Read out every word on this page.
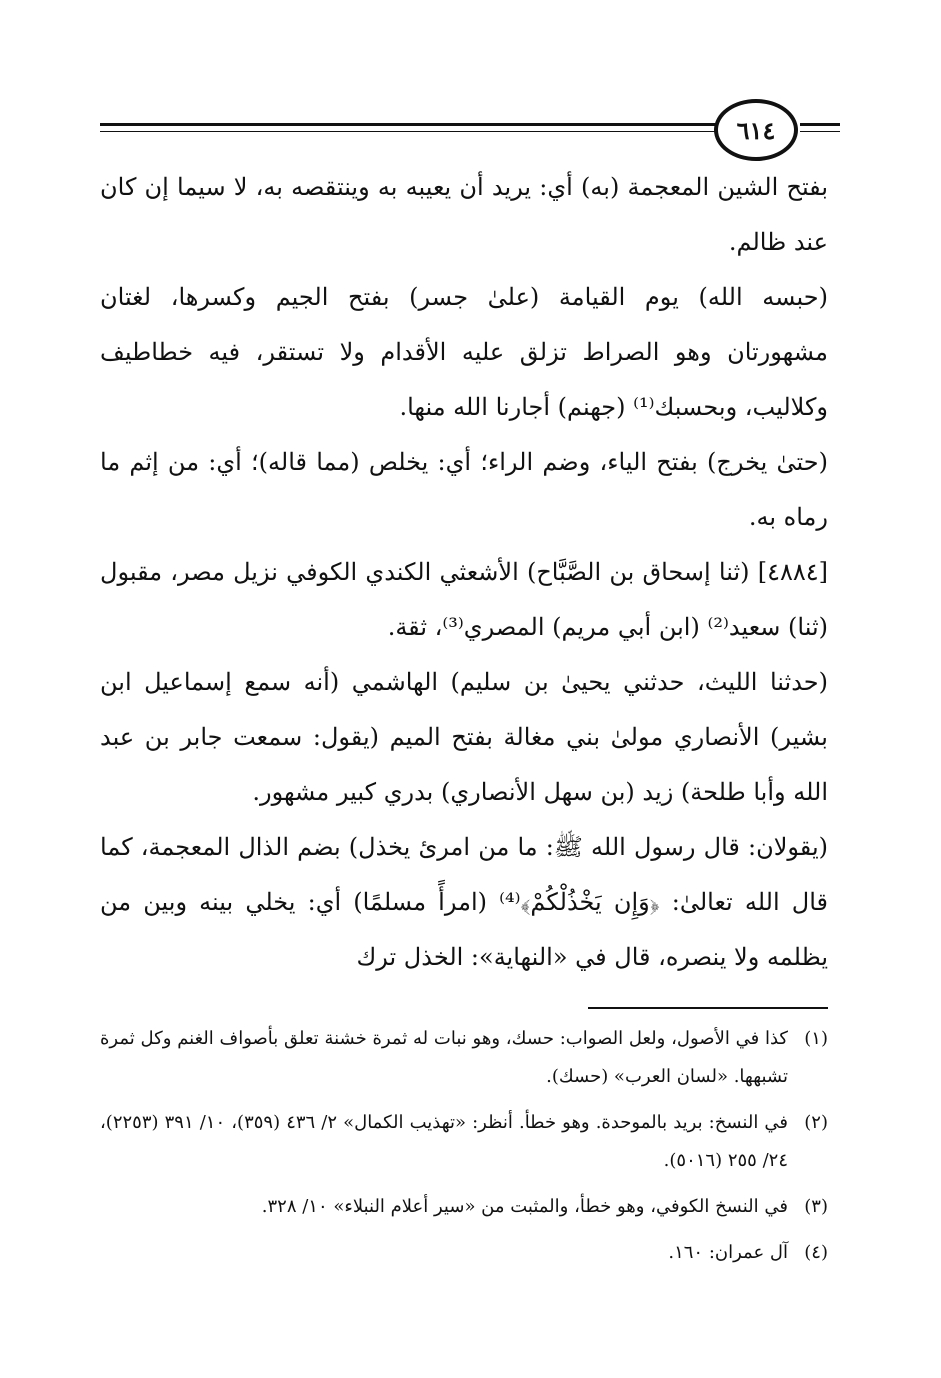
٦١٤

بفتح الشين المعجمة (به) أي: يريد أن يعيبه به وينتقصه به، لا سيما إن كان عند ظالم.

(حبسه الله) يوم القيامة (علىٰ جسر) بفتح الجيم وكسرها، لغتان مشهورتان وهو الصراط تزلق عليه الأقدام ولا تستقر، فيه خطاطيف وكلاليب، وبحسبك⁽¹⁾ (جهنم) أجارنا الله منها.

(حتىٰ يخرج) بفتح الياء، وضم الراء؛ أي: يخلص (مما قاله)؛ أي: من إثم ما رماه به.

[٤٨٨٤] (ثنا إسحاق بن الصَّبَّاح) الأشعثي الكندي الكوفي نزيل مصر، مقبول (ثنا) سعيد⁽²⁾ (ابن أبي مريم) المصري⁽³⁾، ثقة.

(حدثنا الليث، حدثني يحيىٰ بن سليم) الهاشمي (أنه سمع إسماعيل ابن بشير) الأنصاري مولىٰ بني مغالة بفتح الميم (يقول: سمعت جابر بن عبد الله وأبا طلحة) زيد (بن سهل الأنصاري) بدري كبير مشهور.

(يقولان: قال رسول الله ﷺ: ما من امرئ يخذل) بضم الذال المعجمة، كما قال الله تعالىٰ: ﴿وَإِن يَخْذُلْكُمْ﴾⁽⁴⁾ (امرأً مسلمًا) أي: يخلي بينه وبين من يظلمه ولا ينصره، قال في «النهاية»: الخذل ترك

(١)
كذا في الأصول، ولعل الصواب: حسك، وهو نبات له ثمرة خشنة تعلق بأصواف الغنم وكل ثمرة تشبهها. «لسان العرب» (حسك).
(٢)
في النسخ: بريد بالموحدة. وهو خطأ. أنظر: «تهذيب الكمال» ٢/ ٤٣٦ (٣٥٩)، ١٠/ ٣٩١ (٢٢٥٣)، ٢٤/ ٢٥٥ (٥٠١٦).
(٣)
في النسخ الكوفي، وهو خطأ، والمثبت من «سير أعلام النبلاء» ١٠/ ٣٢٨.
(٤)
آل عمران: ١٦٠.
